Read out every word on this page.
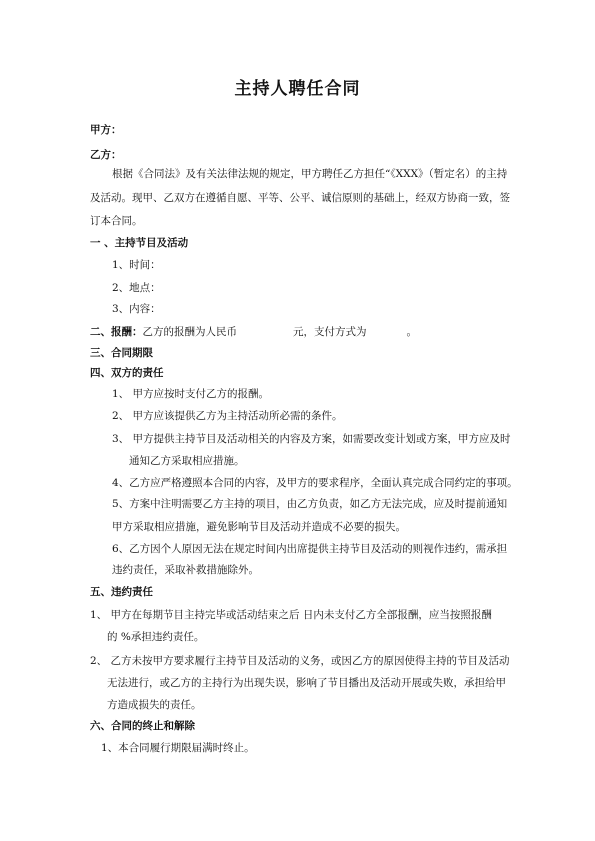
主持人聘任合同
甲方：
乙方：
根据《合同法》及有关法律法规的规定，甲方聘任乙方担任“《XXX》（暂定名）的主持
及活动。现甲、乙双方在遵循自愿、平等、公平、诚信原则的基础上，经双方协商一致，签
订本合同。
一 、主持节目及活动
1、时间：
2、地点：
3、内容：
二、报酬：乙方的报酬为人民币	元，支付方式为	。
三、合同期限
四、双方的责任
1、 甲方应按时支付乙方的报酬。
2、 甲方应该提供乙方为主持活动所必需的条件。
3、 甲方提供主持节目及活动相关的内容及方案，如需要改变计划或方案，甲方应及时
通知乙方采取相应措施。
4、乙方应严格遵照本合同的内容，及甲方的要求程序，全面认真完成合同约定的事项。
5、方案中注明需要乙方主持的项目，由乙方负责，如乙方无法完成，应及时提前通知
甲方采取相应措施，避免影响节目及活动并造成不必要的损失。
6、乙方因个人原因无法在规定时间内出席提供主持节目及活动的则视作违约，需承担
违约责任，采取补救措施除外。
五、违约责任
1、 甲方在每期节目主持完毕或活动结束之后 日内未支付乙方全部报酬，应当按照报酬
的 %承担违约责任。
2、 乙方未按甲方要求履行主持节目及活动的义务，或因乙方的原因使得主持的节目及活动
无法进行，或乙方的主持行为出现失误，影响了节目播出及活动开展或失败，承担给甲
方造成损失的责任。
六、合同的终止和解除
1、本合同履行期限届满时终止。
